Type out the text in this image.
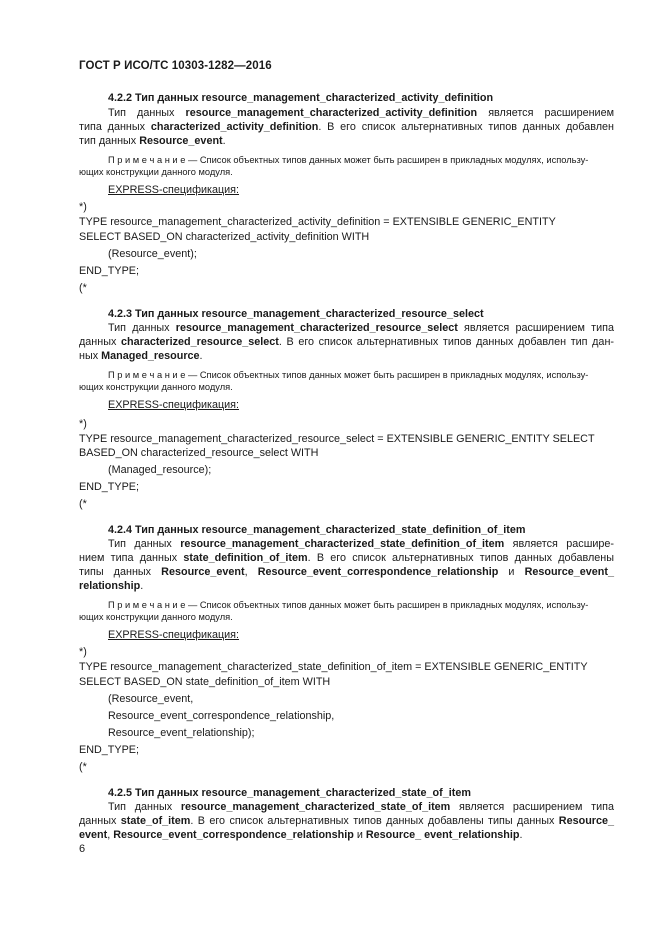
ГОСТ Р ИСО/ТС 10303-1282—2016
4.2.2 Тип данных resource_management_characterized_activity_definition
Тип данных resource_management_characterized_activity_definition является расширением
типа данных characterized_activity_definition. В его список альтернативных типов данных добавлен
тип данных Resource_event.
П р и м е ч а н и е — Список объектных типов данных может быть расширен в прикладных модулях, использу-
ющих конструкции данного модуля.
EXPRESS-спецификация:
*)
TYPE resource_management_characterized_activity_definition = EXTENSIBLE GENERIC_ENTITY
SELECT BASED_ON characterized_activity_definition WITH
(Resource_event);
END_TYPE;
(*
4.2.3 Тип данных resource_management_characterized_resource_select
Тип данных resource_management_characterized_resource_select является расширением типа
данных characterized_resource_select. В его список альтернативных типов данных добавлен тип дан-
ных Managed_resource.
П р и м е ч а н и е — Список объектных типов данных может быть расширен в прикладных модулях, использу-
ющих конструкции данного модуля.
EXPRESS-спецификация:
*)
TYPE resource_management_characterized_resource_select = EXTENSIBLE GENERIC_ENTITY SELECT
BASED_ON characterized_resource_select WITH
(Managed_resource);
END_TYPE;
(*
4.2.4 Тип данных resource_management_characterized_state_definition_of_item
Тип данных resource_management_characterized_state_definition_of_item является расшире-
нием типа данных state_definition_of_item. В его список альтернативных типов данных добавлены
типы данных Resource_event, Resource_event_correspondence_relationship и Resource_event_
relationship.
П р и м е ч а н и е — Список объектных типов данных может быть расширен в прикладных модулях, использу-
ющих конструкции данного модуля.
EXPRESS-спецификация:
*)
TYPE resource_management_characterized_state_definition_of_item = EXTENSIBLE GENERIC_ENTITY
SELECT BASED_ON state_definition_of_item WITH
(Resource_event,
Resource_event_correspondence_relationship,
Resource_event_relationship);
END_TYPE;
(*
4.2.5 Тип данных resource_management_characterized_state_of_item
Тип данных resource_management_characterized_state_of_item является расширением типа
данных state_of_item. В его список альтернативных типов данных добавлены типы данных Resource_
event, Resource_event_correspondence_relationship и Resource_ event_relationship.
6
